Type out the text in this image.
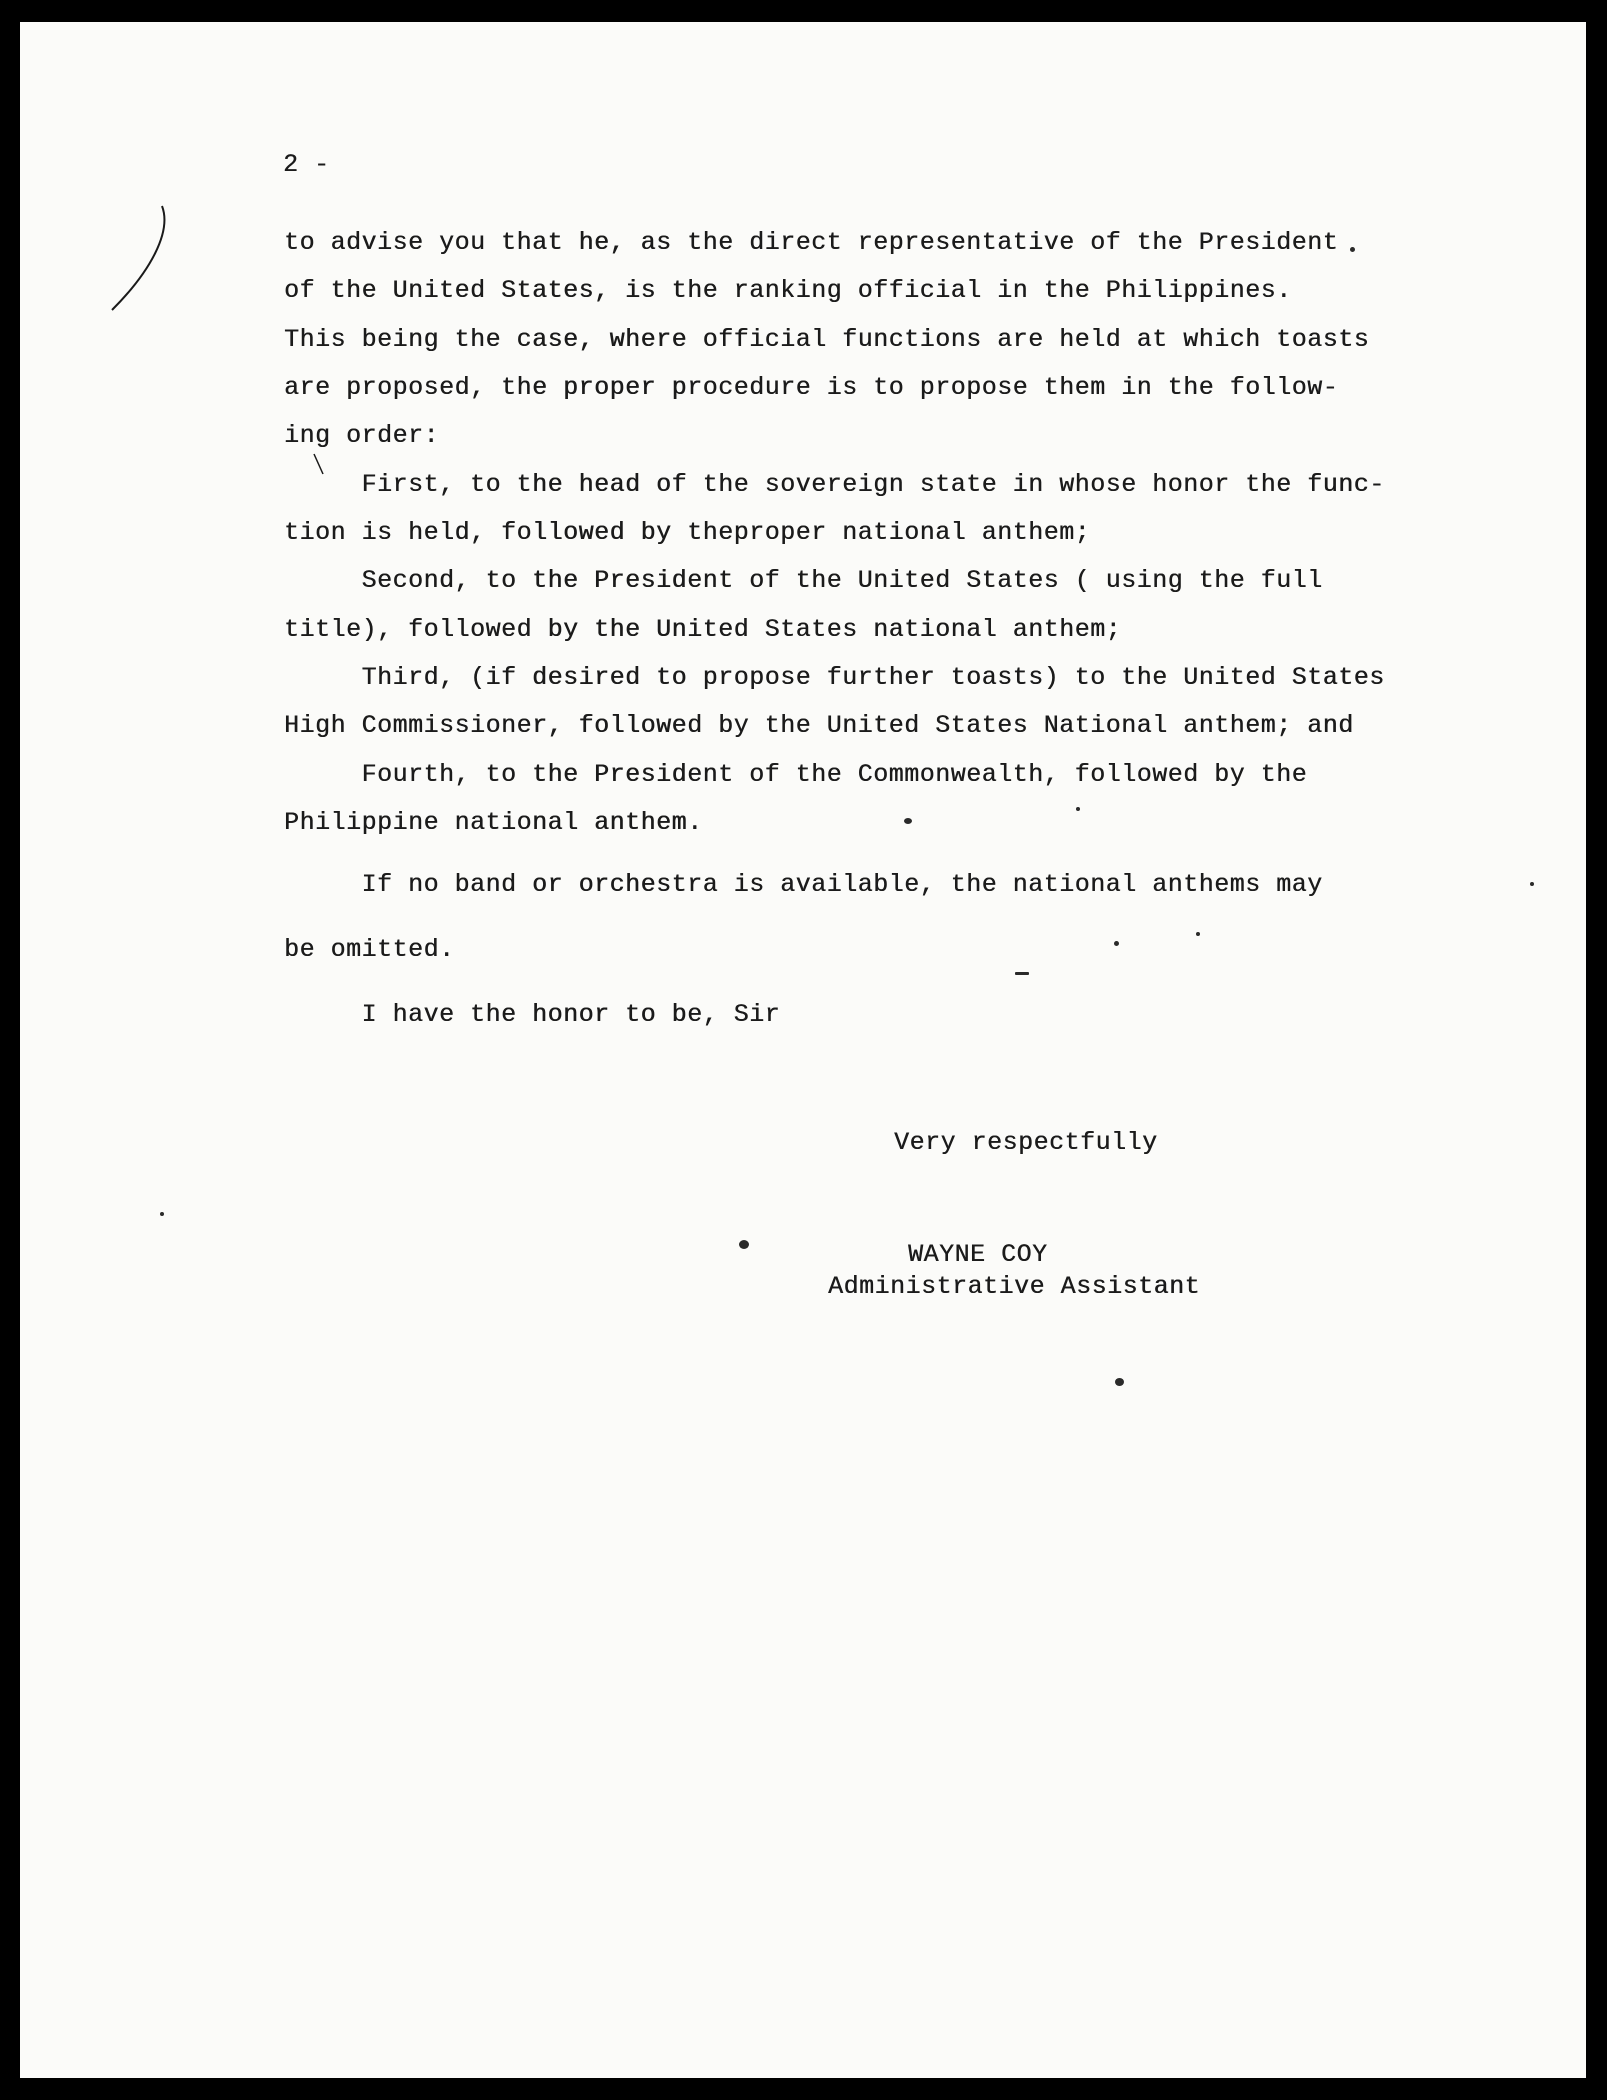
2 -
to advise you that he, as the direct representative of the President
of the United States, is the ranking official in the Philippines.
This being the case, where official functions are held at which toasts
are proposed, the proper procedure is to propose them in the follow-
ing order:
First, to the head of the sovereign state in whose honor the func-
tion is held, followed by theproper national anthem;
Second, to the President of the United States ( using the full
title), followed by the United States national anthem;
Third, (if desired to propose further toasts) to the United States
High Commissioner, followed by the United States National anthem; and
Fourth, to the President of the Commonwealth, followed by the
Philippine national anthem.
If no band or orchestra is available, the national anthems may
be omitted.
I have the honor to be, Sir
Very respectfully
WAYNE COY
Administrative Assistant
